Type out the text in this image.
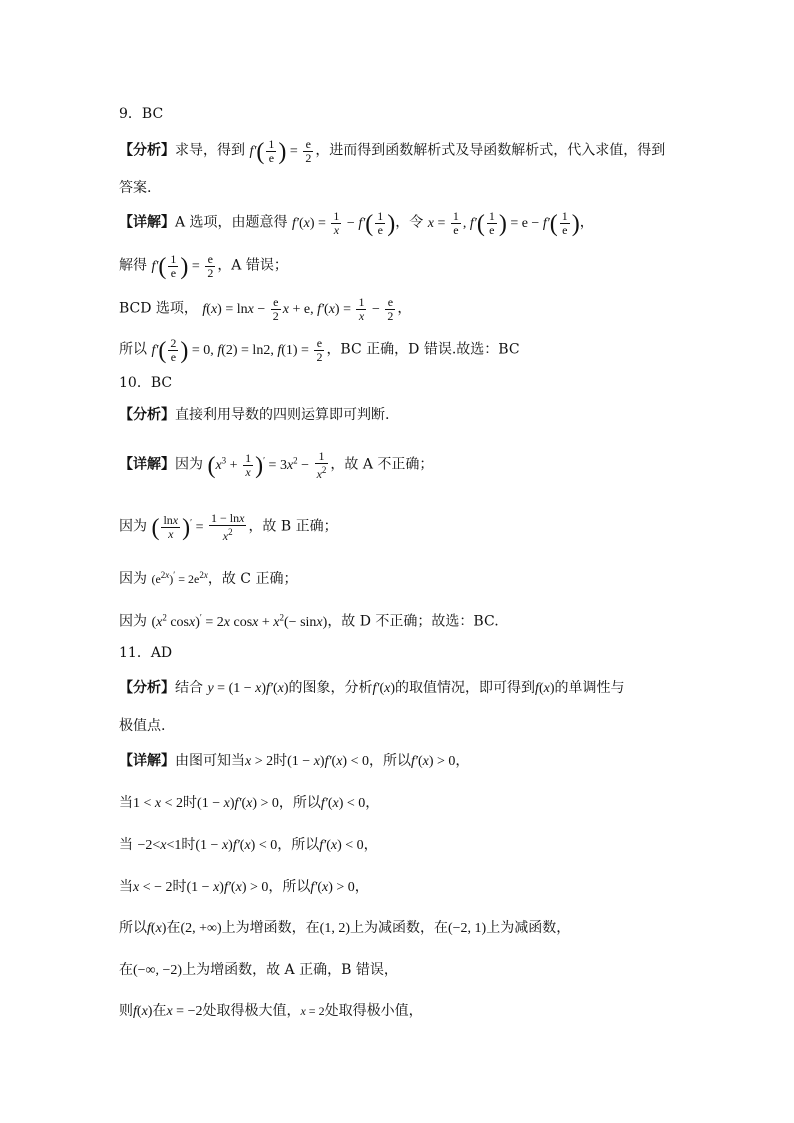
9．BC
【分析】求导，得到 $f'( \frac{1}{e}$ ) = $\frac{e}{2}$ ，进而得到函数解析式及导函数解析式，代入求值，得到
答案.
【详解】A 选项，由题意得 $f'(x) = \frac{1}{x} - f'( \frac{1}{e}$ )，令 $x = \frac{1}{e}$ , $f'( \frac{1}{e}$ ) = $e - f'( \frac{1}{e}$ )，
解得 $f'( \frac{1}{e}$ ) = $\frac{e}{2}$ ，A 错误；
BCD 选项， $f(x) = \ln x - \frac{e}{2}$ x + e, $f'(x) = \frac{1}{x} - \frac{e}{2}$ ，
所以 $f'( \frac{2}{e}$ ) = 0, f(2) = ln2, $f(1) = \frac{e}{2}$ ，BC 正确，D 错误.故选：BC
10．BC
【分析】直接利用导数的四则运算即可判断.
【详解】因为 $(x^3 + \frac{1}{x} )' = 3x^2 - \frac{1}{x^2}$ ，故 A 不正确；
因为 ( $\frac{\ln x}{x} )' = \frac{1 - \ln x}{x^2}$ ，故 B 正确；
因为 $(e^{2x})' = 2e^{2x}$，故 C 正确；
因为 ($x^2$ cosx)′ = 2x $\cos x + x^2(- \sin x)$，故 D 不正确；故选：BC.
11．AD
【分析】结合 y = (1 − x)f′(x)的图象，分析f′(x)的取值情况，即可得到f(x)的单调性与
极值点.
【详解】由图可知当x > 2时(1 − x)f′(x) < 0，所以f′(x) > 0，
当1 < x < 2时(1 − x)f′(x) > 0，所以f′(x) < 0，
当 −2<x<1时(1 − x)f′(x) < 0，所以f′(x) < 0，
当x < − 2时(1 − x)f′(x) > 0，所以f′(x) > 0，
所以f(x)在(2, +∞)上为增函数，在(1, 2)上为减函数，在(−2, 1)上为减函数，
在(−∞, −2)上为增函数，故 A 正确，B 错误，
则f(x)在x = −2处取得极大值，x = 2处取得极小值，
